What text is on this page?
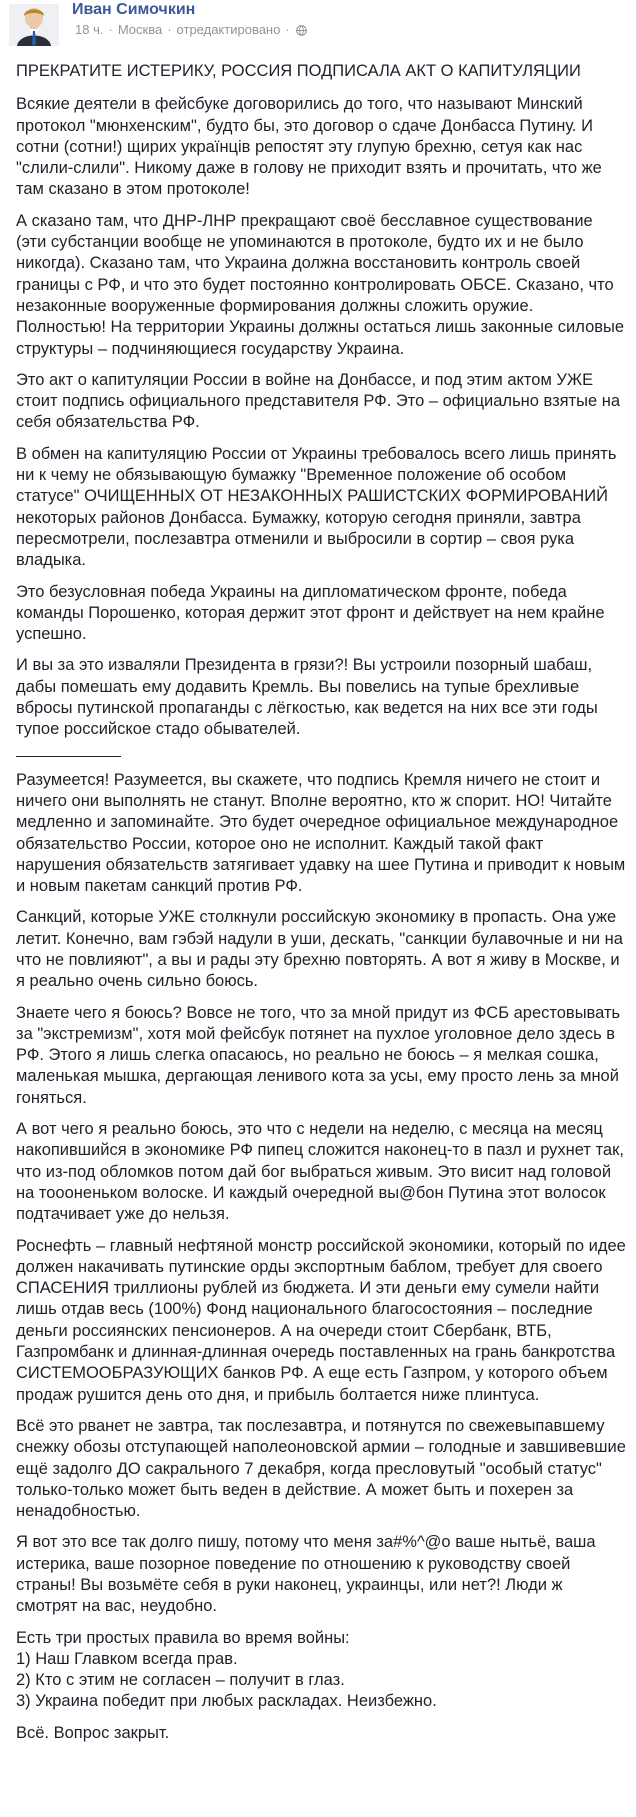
Иван Симочкин
18 ч. · Москва · отредактировано ·

ПРЕКРАТИТЕ ИСТЕРИКУ, РОССИЯ ПОДПИСАЛА АКТ О КАПИТУЛЯЦИИ

Всякие деятели в фейсбуке договорились до того, что называют Минский протокол "мюнхенским", будто бы, это договор о сдаче Донбасса Путину. И сотни (сотни!) щирих українців репостят эту глупую брехню, сетуя как нас "слили-слили". Никому даже в голову не приходит взять и прочитать, что же там сказано в этом протоколе!

А сказано там, что ДНР-ЛНР прекращают своё бесславное существование (эти субстанции вообще не упоминаются в протоколе, будто их и не было никогда). Сказано там, что Украина должна восстановить контроль своей границы с РФ, и что это будет постоянно контролировать ОБСЕ. Сказано, что незаконные вооруженные формирования должны сложить оружие. Полностью! На территории Украины должны остаться лишь законные силовые структуры – подчиняющиеся государству Украина.

Это акт о капитуляции России в войне на Донбассе, и под этим актом УЖЕ стоит подпись официального представителя РФ. Это – официально взятые на себя обязательства РФ.

В обмен на капитуляцию России от Украины требовалось всего лишь принять ни к чему не обязывающую бумажку "Временное положение об особом статусе" ОЧИЩЕННЫХ ОТ НЕЗАКОННЫХ РАШИСТСКИХ ФОРМИРОВАНИЙ некоторых районов Донбасса. Бумажку, которую сегодня приняли, завтра пересмотрели, послезавтра отменили и выбросили в сортир – своя рука владыка.

Это безусловная победа Украины на дипломатическом фронте, победа команды Порошенко, которая держит этот фронт и действует на нем крайне успешно.

И вы за это изваляли Президента в грязи?! Вы устроили позорный шабаш, дабы помешать ему додавить Кремль. Вы повелись на тупые брехливые вбросы путинской пропаганды с лёгкостью, как ведется на них все эти годы тупое российское стадо обывателей.

Разумеется! Разумеется, вы скажете, что подпись Кремля ничего не стоит и ничего они выполнять не станут. Вполне вероятно, кто ж спорит. НО! Читайте медленно и запоминайте. Это будет очередное официальное международное обязательство России, которое оно не исполнит. Каждый такой факт нарушения обязательств затягивает удавку на шее Путина и приводит к новым и новым пакетам санкций против РФ.

Санкций, которые УЖЕ столкнули российскую экономику в пропасть. Она уже летит. Конечно, вам гэбэй надули в уши, дескать, "санкции булавочные и ни на что не повлияют", а вы и рады эту брехню повторять. А вот я живу в Москве, и я реально очень сильно боюсь.

Знаете чего я боюсь? Вовсе не того, что за мной придут из ФСБ арестовывать за "экстремизм", хотя мой фейсбук потянет на пухлое уголовное дело здесь в РФ. Этого я лишь слегка опасаюсь, но реально не боюсь – я мелкая сошка, маленькая мышка, дергающая ленивого кота за усы, ему просто лень за мной гоняться.

А вот чего я реально боюсь, это что с недели на неделю, с месяца на месяц накопившийся в экономике РФ пипец сложится наконец-то в пазл и рухнет так, что из-под обломков потом дай бог выбраться живым. Это висит над головой на тоооненьком волоске. И каждый очередной вы@бон Путина этот волосок подтачивает уже до нельзя.

Роснефть – главный нефтяной монстр российской экономики, который по идее должен накачивать путинские орды экспортным баблом, требует для своего СПАСЕНИЯ триллионы рублей из бюджета. И эти деньги ему сумели найти лишь отдав весь (100%) Фонд национального благосостояния – последние деньги россиянских пенсионеров. А на очереди стоит Сбербанк, ВТБ, Газпромбанк и длинная-длинная очередь поставленных на грань банкротства СИСТЕМООБРАЗУЮЩИХ банков РФ. А еще есть Газпром, у которого объем продаж рушится день ото дня, и прибыль болтается ниже плинтуса.

Всё это рванет не завтра, так послезавтра, и потянутся по свежевыпавшему снежку обозы отступающей наполеоновской армии – голодные и завшивевшие ещё задолго ДО сакрального 7 декабря, когда пресловутый "особый статус" только-только может быть веден в действие. А может быть и похерен за ненадобностью.

Я вот это все так долго пишу, потому что меня за#%^@о ваше нытьё, ваша истерика, ваше позорное поведение по отношению к руководству своей страны! Вы возьмёте себя в руки наконец, украинцы, или нет?! Люди ж смотрят на вас, неудобно.

Есть три простых правила во время войны:
1) Наш Главком всегда прав.
2) Кто с этим не согласен – получит в глаз.
3) Украина победит при любых раскладах. Неизбежно.

Всё. Вопрос закрыт.
